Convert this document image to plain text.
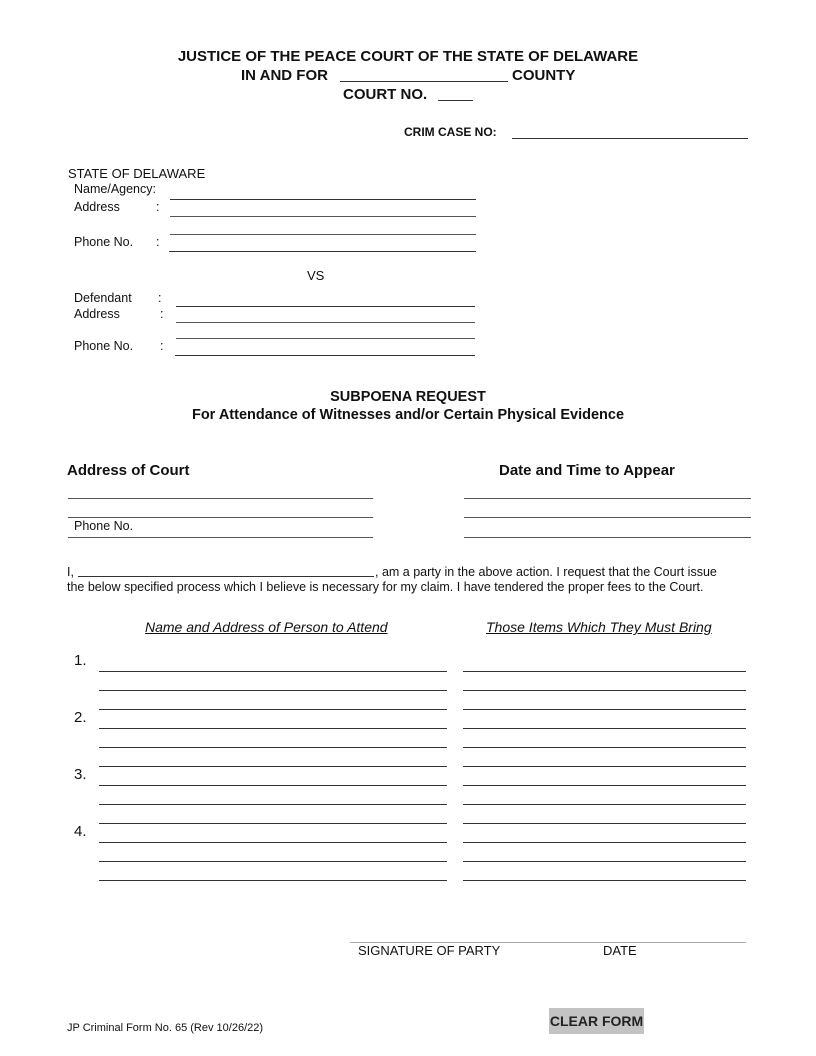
JUSTICE OF THE PEACE COURT OF THE STATE OF DELAWARE
IN AND FOR	COUNTY
COURT NO.
CRIM CASE NO:
STATE OF DELAWARE
Name/Agency:
Address	:
Phone No. :
VS
Defendant :
Address	:
Phone No. :
SUBPOENA REQUEST
For Attendance of Witnesses and/or Certain Physical Evidence
Address of Court	Date and Time to Appear
Phone No.
I,	, am a party in the above action. I request that the Court issue
the below specified process which I believe is necessary for my claim. I have tendered the proper fees to the Court.
Name and Address of Person to Attend	Those Items Which They Must Bring
1.
2.
3.
4.
SIGNATURE OF PARTY	DATE
JP Criminal Form No. 65 (Rev 10/26/22)	CLEAR FORM
